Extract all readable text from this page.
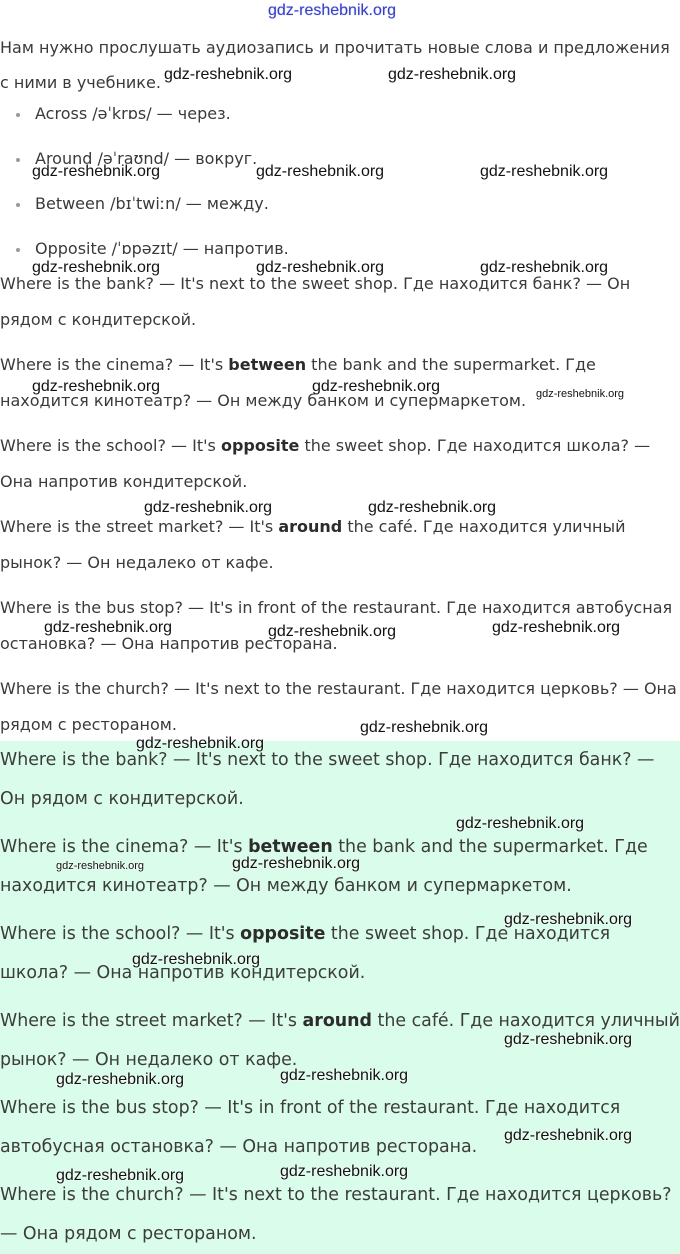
gdz-reshebnik.org

Нам нужно прослушать аудиозапись и прочитать новые слова и предложения
с ними в учебнике.

Across /əˈkrɒs/ — через.
Around /əˈraʊnd/ — вокруг.
Between /bɪˈtwiːn/ — между.
Opposite /ˈɒpəzɪt/ — напротив.
Where is the bank? — It's next to the sweet shop. Где находится банк? — Он рядом с кондитерской.
Where is the cinema? — It's between the bank and the supermarket. Где находится кинотеатр? — Он между банком и супермаркетом.
Where is the school? — It's opposite the sweet shop. Где находится школа? — Она напротив кондитерской.
Where is the street market? — It's around the café. Где находится уличный рынок? — Он недалеко от кафе.
Where is the bus stop? — It's in front of the restaurant. Где находится автобусная остановка? — Она напротив ресторана.
Where is the church? — It's next to the restaurant. Где находится церковь? — Она рядом с рестораном.
Where is the bank? — It's next to the sweet shop. Где находится банк? — Он рядом с кондитерской.
Where is the cinema? — It's between the bank and the supermarket. Где находится кинотеатр? — Он между банком и супермаркетом.
Where is the school? — It's opposite the sweet shop. Где находится школа? — Она напротив кондитерской.
Where is the street market? — It's around the café. Где находится уличный рынок? — Он недалеко от кафе.
Where is the bus stop? — It's in front of the restaurant. Где находится автобусная остановка? — Она напротив ресторана.
Where is the church? — It's next to the restaurant. Где находится церковь? — Она рядом с рестораном.
gdz-reshebnik.org	gdz-reshebnik.org
gdz-reshebnik.org	gdz-reshebnik.org	gdz-reshebnik.org
gdz-reshebnik.org	gdz-reshebnik.org	gdz-reshebnik.org
gdz-reshebnik.org	gdz-reshebnik.org	gdz-reshebnik.org
gdz-reshebnik.org	gdz-reshebnik.org
gdz-reshebnik.org	gdz-reshebnik.org	gdz-reshebnik.org
gdz-reshebnik.org
gdz-reshebnik.org
gdz-reshebnik.org
gdz-reshebnik.org	gdz-reshebnik.org
gdz-reshebnik.org
gdz-reshebnik.org
gdz-reshebnik.org
gdz-reshebnik.org	gdz-reshebnik.org
gdz-reshebnik.org
gdz-reshebnik.org	gdz-reshebnik.org
